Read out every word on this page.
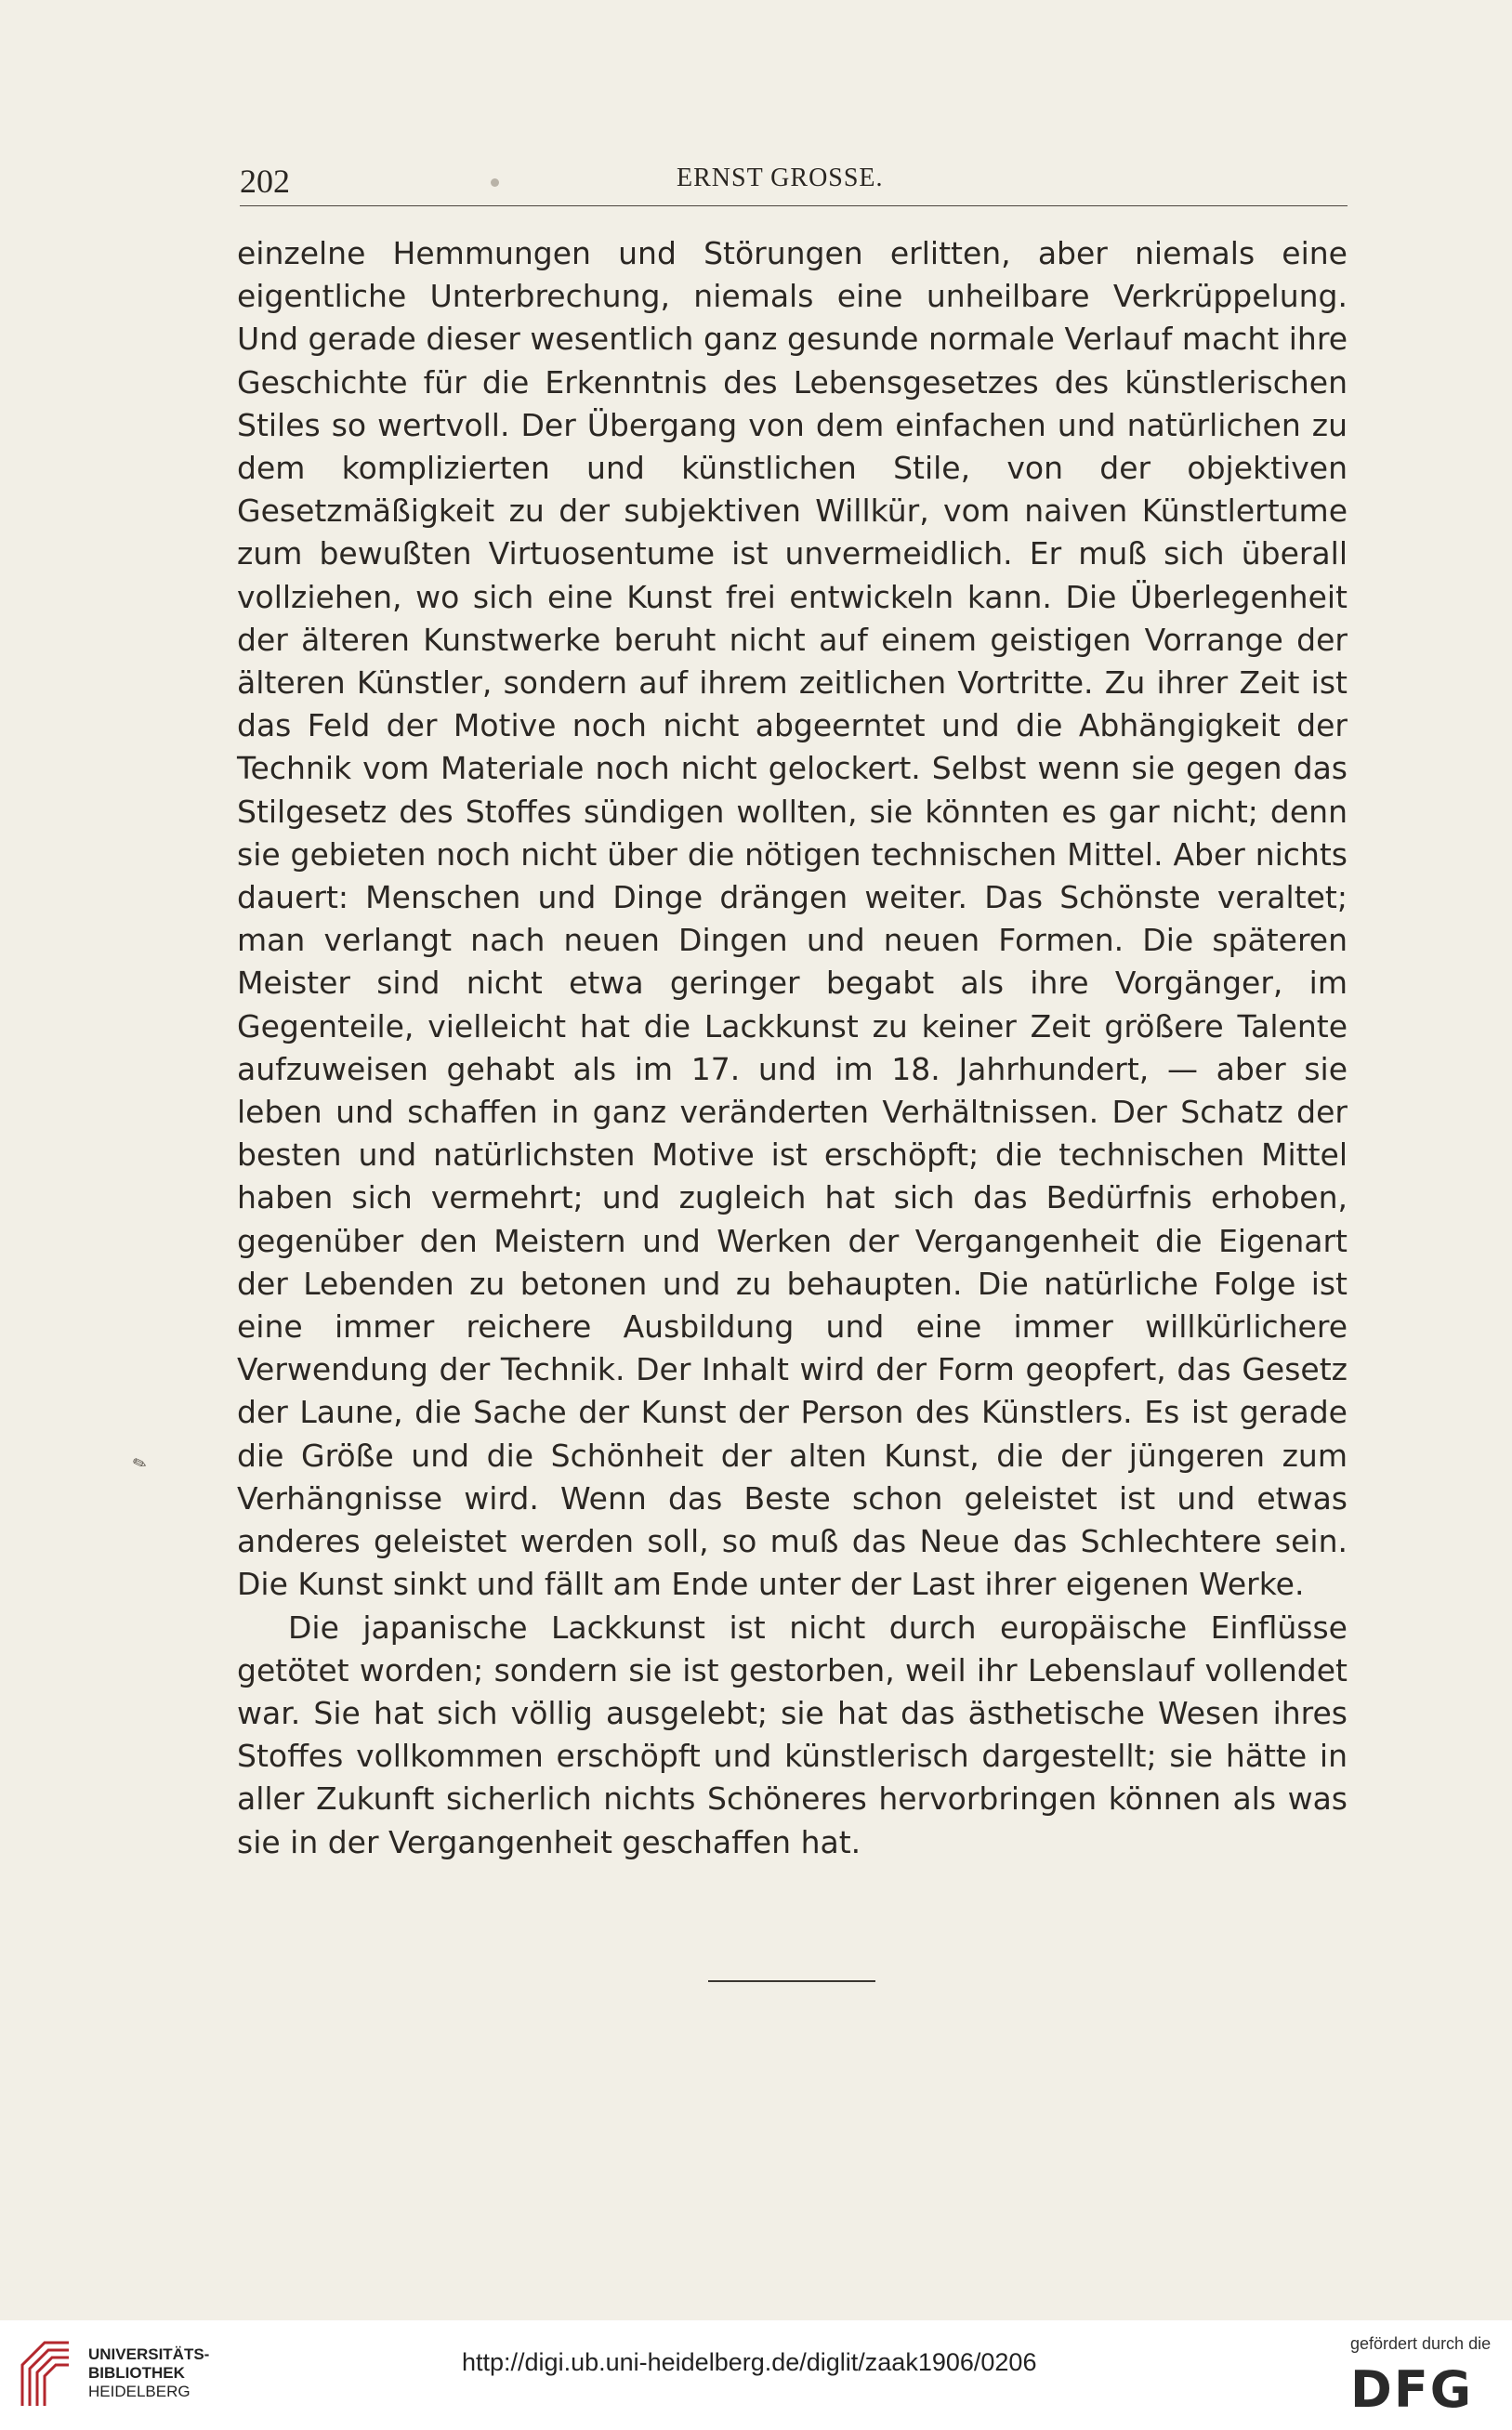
202	ERNST GROSSE.

einzelne Hemmungen und Störungen erlitten, aber niemals eine eigentliche Unterbrechung, niemals eine unheilbare Verkrüppelung. Und gerade dieser wesentlich ganz gesunde normale Verlauf macht ihre Geschichte für die Erkenntnis des Lebensgesetzes des künstlerischen Stiles so wertvoll. Der Übergang von dem einfachen und natürlichen zu dem komplizierten und künstlichen Stile, von der objektiven Gesetzmäßigkeit zu der subjektiven Willkür, vom naiven Künstlertume zum bewußten Virtuosentume ist unvermeidlich. Er muß sich überall vollziehen, wo sich eine Kunst frei entwickeln kann. Die Überlegenheit der älteren Kunstwerke beruht nicht auf einem geistigen Vorrange der älteren Künstler, sondern auf ihrem zeitlichen Vortritte. Zu ihrer Zeit ist das Feld der Motive noch nicht abgeerntet und die Abhängigkeit der Technik vom Materiale noch nicht gelockert. Selbst wenn sie gegen das Stilgesetz des Stoffes sündigen wollten, sie könnten es gar nicht; denn sie gebieten noch nicht über die nötigen technischen Mittel. Aber nichts dauert: Menschen und Dinge drängen weiter. Das Schönste veraltet; man verlangt nach neuen Dingen und neuen Formen. Die späteren Meister sind nicht etwa geringer begabt als ihre Vorgänger, im Gegenteile, vielleicht hat die Lackkunst zu keiner Zeit größere Talente aufzuweisen gehabt als im 17. und im 18. Jahrhundert, — aber sie leben und schaffen in ganz veränderten Verhältnissen. Der Schatz der besten und natürlichsten Motive ist erschöpft; die technischen Mittel haben sich vermehrt; und zugleich hat sich das Bedürfnis erhoben, gegenüber den Meistern und Werken der Vergangenheit die Eigenart der Lebenden zu betonen und zu behaupten. Die natürliche Folge ist eine immer reichere Ausbildung und eine immer willkürlichere Verwendung der Technik. Der Inhalt wird der Form geopfert, das Gesetz der Laune, die Sache der Kunst der Person des Künstlers. Es ist gerade die Größe und die Schönheit der alten Kunst, die der jüngeren zum Verhängnisse wird. Wenn das Beste schon geleistet ist und etwas anderes geleistet werden soll, so muß das Neue das Schlechtere sein. Die Kunst sinkt und fällt am Ende unter der Last ihrer eigenen Werke.

Die japanische Lackkunst ist nicht durch europäische Einflüsse getötet worden; sondern sie ist gestorben, weil ihr Lebenslauf vollendet war. Sie hat sich völlig ausgelebt; sie hat das ästhetische Wesen ihres Stoffes vollkommen erschöpft und künstlerisch dargestellt; sie hätte in aller Zukunft sicherlich nichts Schöneres hervorbringen können als was sie in der Vergangenheit geschaffen hat.

✎
UNIVERSITÄTS-
BIBLIOTHEK
HEIDELBERG
http://digi.ub.uni-heidelberg.de/diglit/zaak1906/0206
gefördert durch die
DFG
